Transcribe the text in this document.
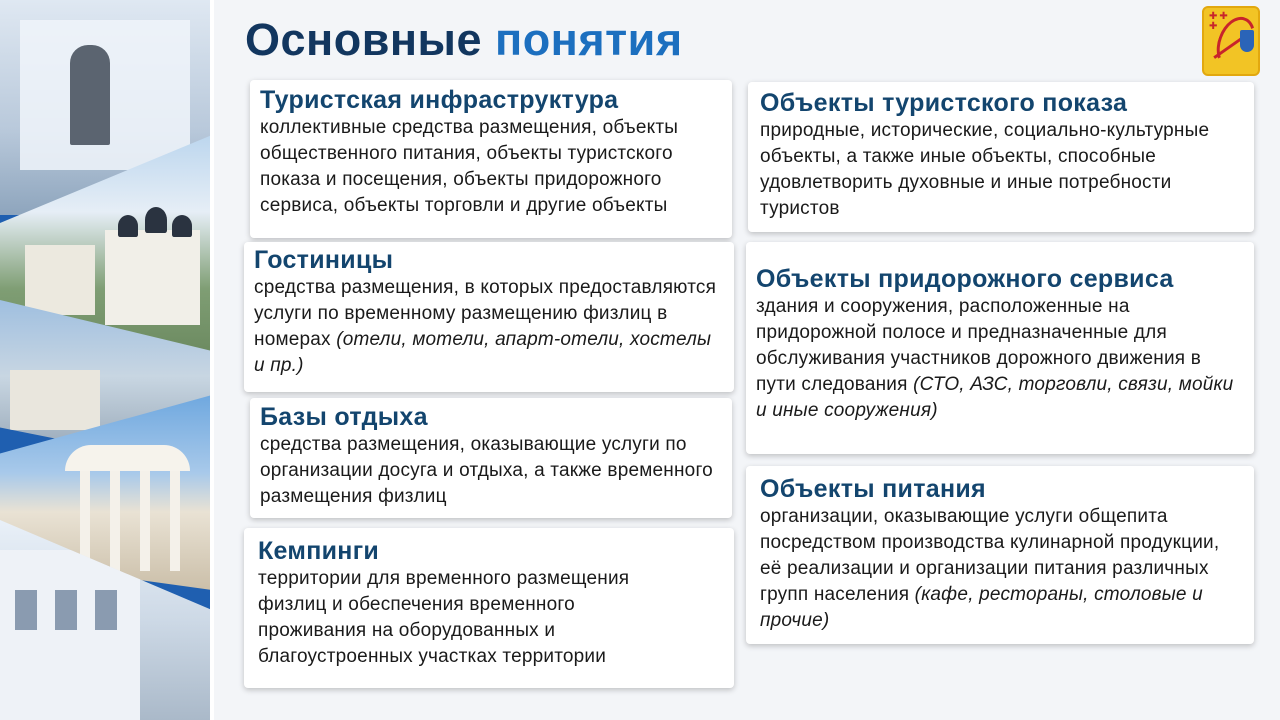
Основные понятия	✚✚
✚
Туристская инфраструктура

коллективные средства размещения, объекты общественного питания, объекты туристского показа и посещения, объекты придорожного сервиса, объекты торговли и другие объекты

Гостиницы

средства размещения, в которых предоставляются услуги по временному размещению физлиц в номерах (отели, мотели, апарт-отели, хостелы и пр.)

Базы отдыха

средства размещения, оказывающие услуги по организации досуга и отдыха, а также временного размещения физлиц

Кемпинги

территории для временного размещения физлиц и обеспечения временного проживания на оборудованных и благоустроенных участках территории

Объекты туристского показа

природные, исторические, социально-культурные объекты, а также иные объекты, способные удовлетворить духовные и иные потребности туристов

Объекты придорожного сервиса

здания и сооружения, расположенные на придорожной полосе и предназначенные для обслуживания участников дорожного движения в пути следования (СТО, АЗС, торговли, связи, мойки и иные сооружения)

Объекты питания

организации, оказывающие услуги общепита посредством производства кулинарной продукции, её реализации и организации питания различных групп населения (кафе, рестораны, столовые и прочие)
